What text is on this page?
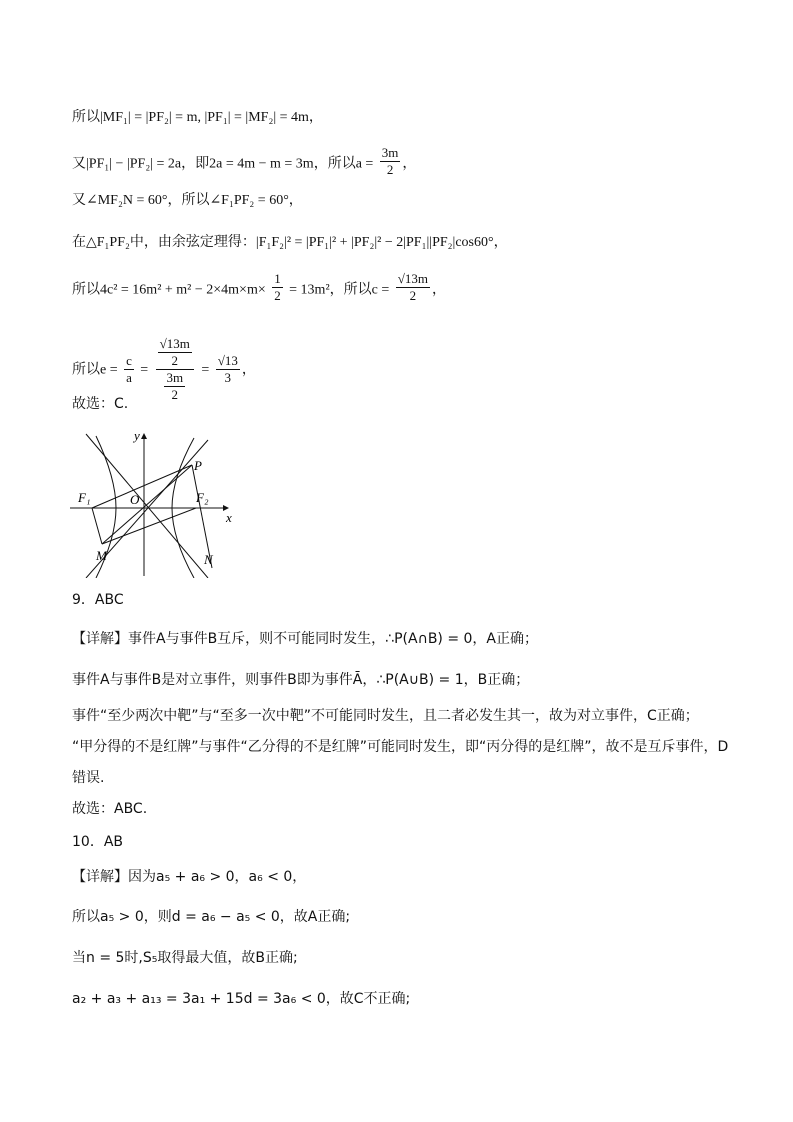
所以|MF₁| = |PF₂| = m, |PF₁| = |MF₂| = 4m，
又|PF₁| − |PF₂| = 2a，即2a = 4m − m = 3m，所以$a = \frac{3m}{2}$ ，
又∠MF₂N = 60°，所以∠F₁PF₂ = 60°，
在△F₁PF₂中，由余弦定理得：|F₁F₂|² = |PF₁|² + |PF₂|² − 2|PF₁||PF₂|cos60°，
所以$4c^2 = 16m^2 + m^2 - 2\times 4m\times m\times \frac{1}{2} = 13m^2$，所以$c = \frac{√13m}{2}$ ，
所以$e = \frac{c}{a} = \frac{\frac{√13m}{2}}{\frac{3m}{2}} = \frac{√13}{3}$ ，
故选：C.
y
x
O
F₁	F₂
P
M	N
9．ABC
【详解】事件A与事件B互斥，则不可能同时发生，∴P(A∩B) = 0，A正确；
事件A与事件B是对立事件，则事件B即为事件Ā，∴P(A∪B) = 1，B正确；
事件“至少两次中靶”与“至多一次中靶”不可能同时发生，且二者必发生其一，故为对立事件，C正确；
“甲分得的不是红牌”与事件“乙分得的不是红牌”可能同时发生，即“丙分得的是红牌”，故不是互斥事件，D
错误.
故选：ABC.
10．AB
【详解】因为a₅ + a₆ > 0，a₆ < 0，
所以a₅ > 0，则d = a₆ − a₅ < 0，故A正确;
当n = 5时,S₅取得最大值，故B正确;
a₂ + a₃ + a₁₃ = 3a₁ + 15d = 3a₆ < 0，故C不正确;
